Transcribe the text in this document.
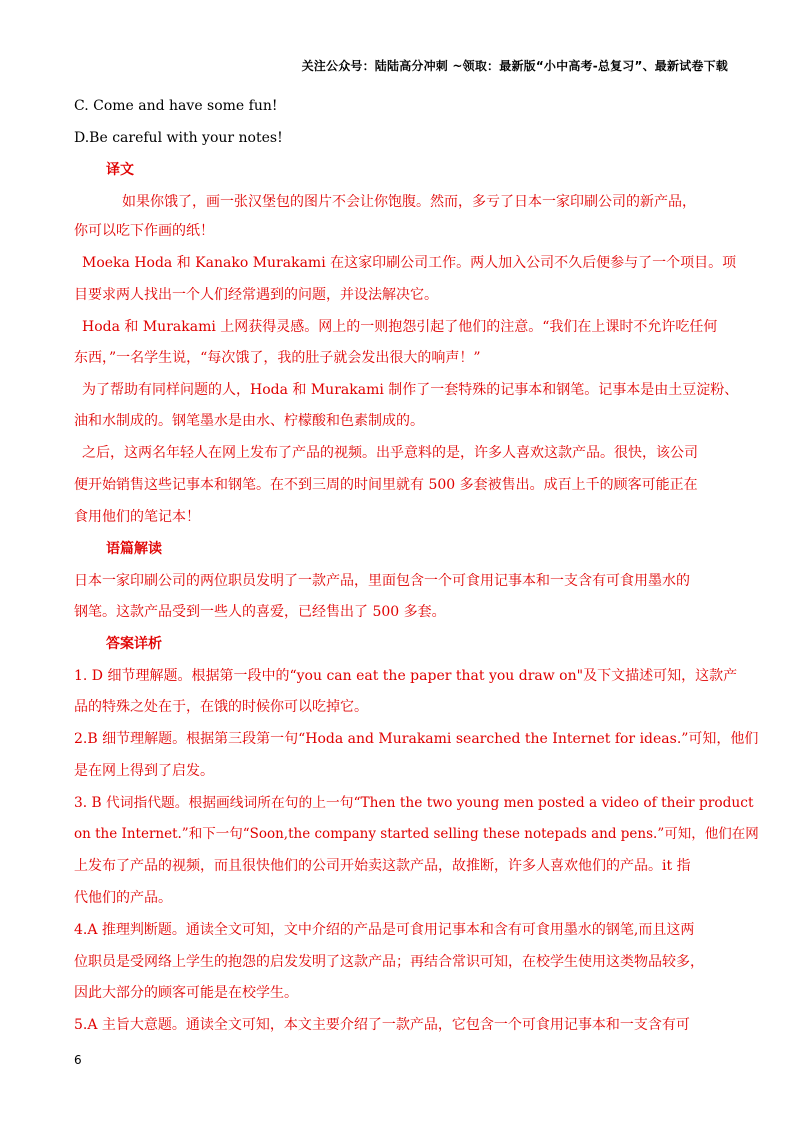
关注公众号：陆陆高分冲刺 ~领取：最新版“小中高考-总复习”、最新试卷下载
C. Come and have some fun!
D.Be careful with your notes!
译文
如果你饿了，画一张汉堡包的图片不会让你饱腹。然而，多亏了日本一家印刷公司的新产品，
你可以吃下作画的纸！
Moeka Hoda 和 Kanako Murakami 在这家印刷公司工作。两人加入公司不久后便参与了一个项目。项
目要求两人找出一个人们经常遇到的问题，并设法解决它。
Hoda 和 Murakami 上网获得灵感。网上的一则抱怨引起了他们的注意。“我们在上课时不允许吃任何
东西，”一名学生说，“每次饿了，我的肚子就会发出很大的响声！”
为了帮助有同样问题的人，Hoda 和 Murakami 制作了一套特殊的记事本和钢笔。记事本是由土豆淀粉、
油和水制成的。钢笔墨水是由水、柠檬酸和色素制成的。
之后，这两名年轻人在网上发布了产品的视频。出乎意料的是，许多人喜欢这款产品。很快，该公司
便开始销售这些记事本和钢笔。在不到三周的时间里就有 500 多套被售出。成百上千的顾客可能正在
食用他们的笔记本！
语篇解读
日本一家印刷公司的两位职员发明了一款产品，里面包含一个可食用记事本和一支含有可食用墨水的
钢笔。这款产品受到一些人的喜爱，已经售出了 500 多套。
答案详析
1. D 细节理解题。根据第一段中的“you can eat the paper that you draw on"及下文描述可知，这款产
品的特殊之处在于，在饿的时候你可以吃掉它。
2.B 细节理解题。根据第三段第一句“Hoda and Murakami searched the Internet for ideas.”可知，他们
是在网上得到了启发。
3. B 代词指代题。根据画线词所在句的上一句“Then the two young men posted a video of their product
on the Internet.”和下一句“Soon,the company started selling these notepads and pens.”可知，他们在网
上发布了产品的视频，而且很快他们的公司开始卖这款产品，故推断，许多人喜欢他们的产品。it 指
代他们的产品。
4.A 推理判断题。通读全文可知，文中介绍的产品是可食用记事本和含有可食用墨水的钢笔,而且这两
位职员是受网络上学生的抱怨的启发发明了这款产品；再结合常识可知，在校学生使用这类物品较多，
因此大部分的顾客可能是在校学生。
5.A 主旨大意题。通读全文可知，本文主要介绍了一款产品，它包含一个可食用记事本和一支含有可
6
